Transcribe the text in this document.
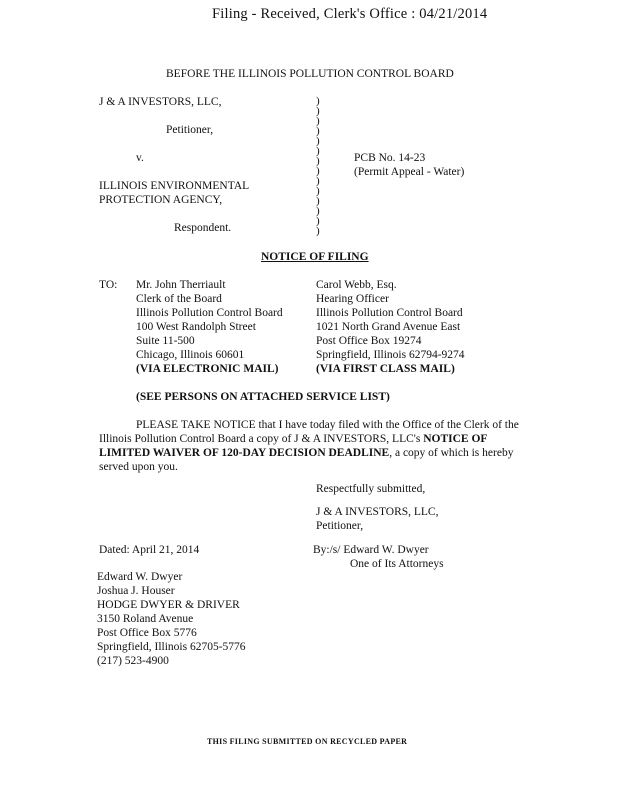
Filing - Received, Clerk's Office : 04/21/2014
BEFORE THE ILLINOIS POLLUTION CONTROL BOARD
J & A INVESTORS, LLC,
Petitioner,
v.
ILLINOIS ENVIRONMENTAL
PROTECTION AGENCY,
Respondent.
)
)
)
)
)
)
)
)
)
)
)
)
)
)
PCB No. 14-23
(Permit Appeal - Water)
NOTICE OF FILING
TO: Mr. John Therriault
Clerk of the Board
Illinois Pollution Control Board
100 West Randolph Street
Suite 11-500
Chicago, Illinois 60601
(VIA ELECTRONIC MAIL)
Carol Webb, Esq.
Hearing Officer
Illinois Pollution Control Board
1021 North Grand Avenue East
Post Office Box 19274
Springfield, Illinois 62794-9274
(VIA FIRST CLASS MAIL)
(SEE PERSONS ON ATTACHED SERVICE LIST)
PLEASE TAKE NOTICE that I have today filed with the Office of the Clerk of the Illinois Pollution Control Board a copy of J & A INVESTORS, LLC's NOTICE OF LIMITED WAIVER OF 120-DAY DECISION DEADLINE, a copy of which is hereby served upon you.
Respectfully submitted,
J & A INVESTORS, LLC,
Petitioner,
Dated: April 21, 2014	By:/s/ Edward W. Dwyer
One of Its Attorneys
Edward W. Dwyer
Joshua J. Houser
HODGE DWYER & DRIVER
3150 Roland Avenue
Post Office Box 5776
Springfield, Illinois 62705-5776
(217) 523-4900
THIS FILING SUBMITTED ON RECYCLED PAPER
